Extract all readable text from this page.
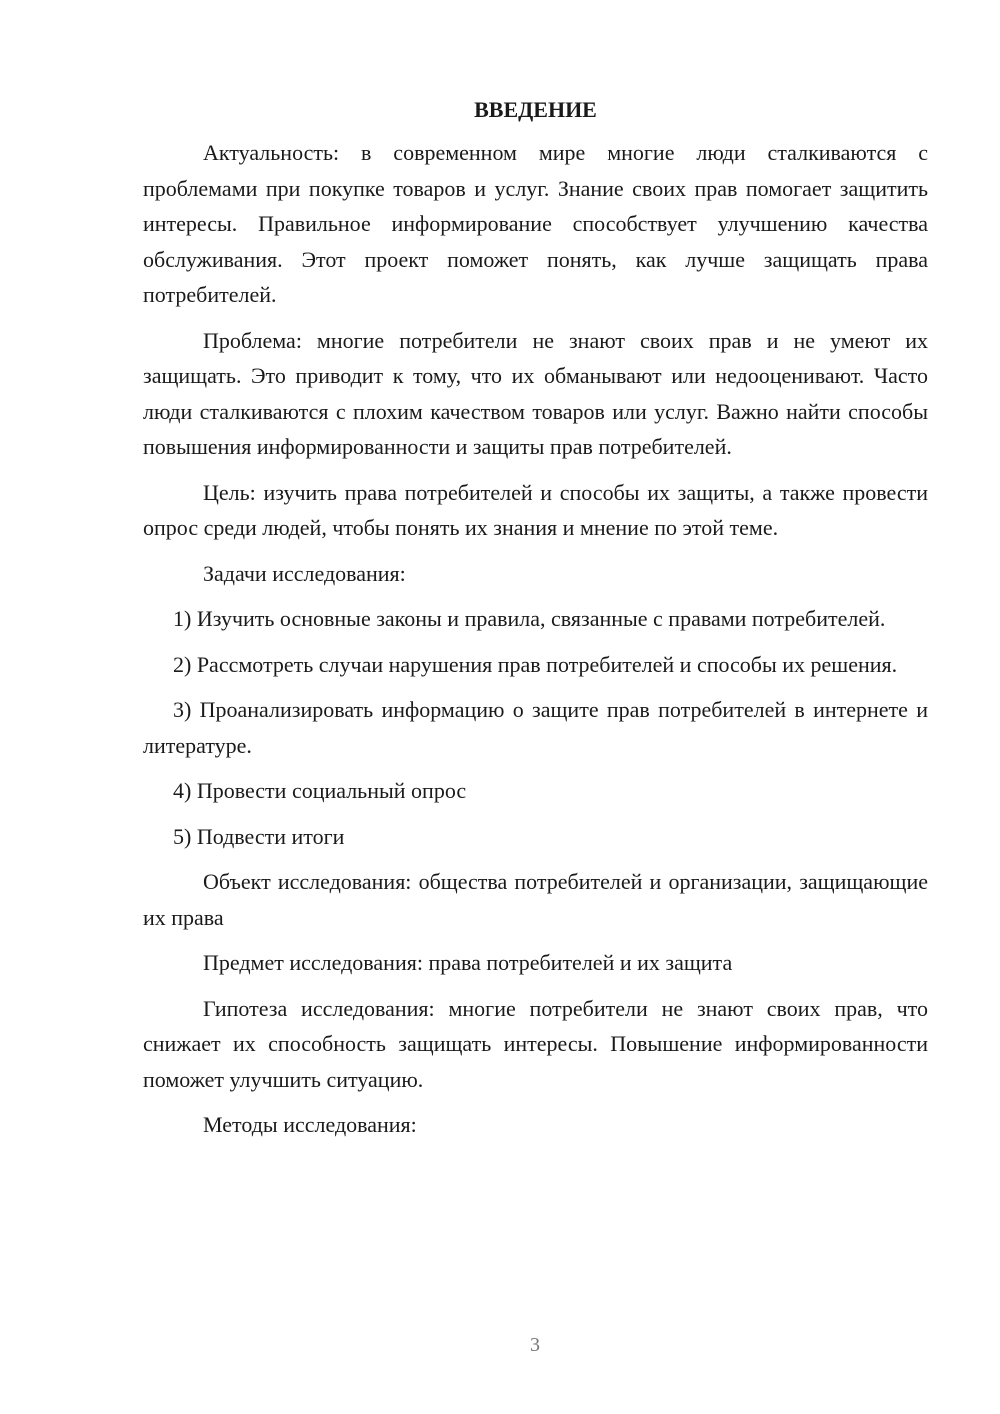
ВВЕДЕНИЕ

Актуальность: в современном мире многие люди сталкиваются с проблемами при покупке товаров и услуг. Знание своих прав помогает защитить интересы. Правильное информирование способствует улучшению качества обслуживания. Этот проект поможет понять, как лучше защищать права потребителей.

Проблема: многие потребители не знают своих прав и не умеют их защищать. Это приводит к тому, что их обманывают или недооценивают. Часто люди сталкиваются с плохим качеством товаров или услуг. Важно найти способы повышения информированности и защиты прав потребителей.

Цель: изучить права потребителей и способы их защиты, а также провести опрос среди людей, чтобы понять их знания и мнение по этой теме.

Задачи исследования:

1) Изучить основные законы и правила, связанные с правами потребителей.

2) Рассмотреть случаи нарушения прав потребителей и способы их решения.

3) Проанализировать информацию о защите прав потребителей в интернете и литературе.

4) Провести социальный опрос

5) Подвести итоги

Объект исследования: общества потребителей и организации, защищающие их права

Предмет исследования: права потребителей и их защита

Гипотеза исследования: многие потребители не знают своих прав, что снижает их способность защищать интересы. Повышение информированности поможет улучшить ситуацию.

Методы исследования:

3
